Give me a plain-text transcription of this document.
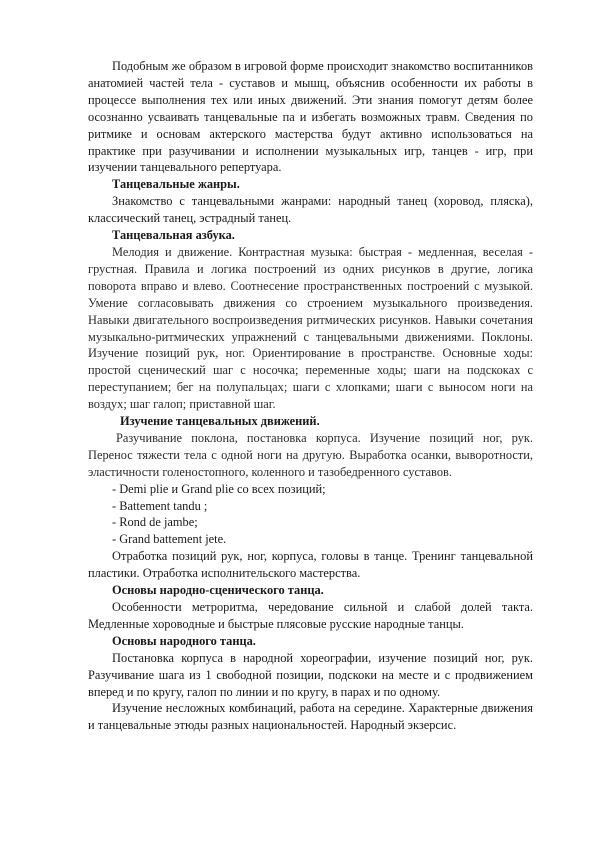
Подобным же образом в игровой форме происходит знакомство воспитанников анатомией частей тела - суставов и мышц, объяснив особенности их работы в процессе выполнения тех или иных движений. Эти знания помогут детям более осознанно усваивать танцевальные па и избегать возможных травм. Сведения по ритмике и основам актерского мастерства будут активно использоваться на практике при разучивании и исполнении музыкальных игр, танцев - игр, при изучении танцевального репертуара.

Танцевальные жанры.

Знакомство с танцевальными жанрами: народный танец (хоровод, пляска), классический танец, эстрадный танец.

Танцевальная азбука.

Мелодия и движение. Контрастная музыка: быстрая - медленная, веселая - грустная. Правила и логика построений из одних рисунков в другие, логика поворота вправо и влево. Соотнесение пространственных построений с музыкой. Умение согласовывать движения со строением музыкального произведения. Навыки двигательного воспроизведения ритмических рисунков. Навыки сочетания музыкально-ритмических упражнений с танцевальными движениями. Поклоны. Изучение позиций рук, ног. Ориентирование в пространстве. Основные ходы: простой сценический шаг с носочка; переменные ходы; шаги на подскоках с переступанием; бег на полупальцах; шаги с хлопками; шаги с выносом ноги на воздух; шаг галоп; приставной шаг.

Изучение танцевальных движений.

Разучивание поклона, постановка корпуса. Изучение позиций ног, рук. Перенос тяжести тела с одной ноги на другую. Выработка осанки, выворотности, эластичности голеностопного, коленного и тазобедренного суставов.

- Demi plie и Grand plie со всех позиций;

- Battement tandu ;

- Rond de jambe;

- Grand battement jete.

Отработка позиций рук, ног, корпуса, головы в танце. Тренинг танцевальной пластики. Отработка исполнительского мастерства.

Основы народно-сценического танца.

Особенности метроритма, чередование сильной и слабой долей такта. Медленные хороводные и быстрые плясовые русские народные танцы.

Основы народного танца.

Постановка корпуса в народной хореографии, изучение позиций ног, рук. Разучивание шага из 1 свободной позиции, подскоки на месте и с продвижением вперед и по кругу, галоп по линии и по кругу, в парах и по одному.

Изучение несложных комбинаций, работа на середине. Характерные движения и танцевальные этюды разных национальностей. Народный экзерсис.
